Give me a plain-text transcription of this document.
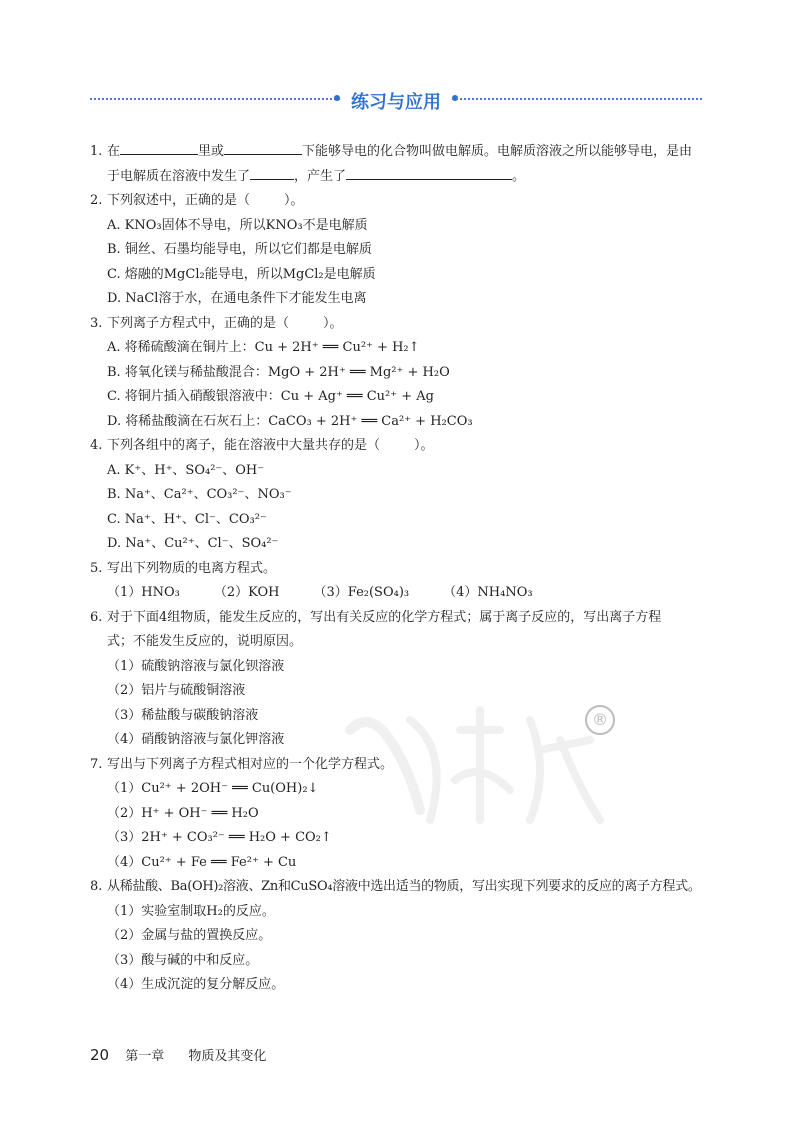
练习与应用
®
1. 在	里或	下能够导电的化合物叫做电解质。电解质溶液之所以能够导电，是由
于电解质在溶液中发生了	，产生了	。
2. 下列叙述中，正确的是（	）。
A. KNO₃固体不导电，所以KNO₃不是电解质
B. 铜丝、石墨均能导电，所以它们都是电解质
C. 熔融的MgCl₂能导电，所以MgCl₂是电解质
D. NaCl溶于水，在通电条件下才能发生电离
3. 下列离子方程式中，正确的是（	）。
A. 将稀硫酸滴在铜片上：Cu + 2H⁺ ══ Cu²⁺ + H₂↑
B. 将氧化镁与稀盐酸混合：MgO + 2H⁺ ══ Mg²⁺ + H₂O
C. 将铜片插入硝酸银溶液中：Cu + Ag⁺ ══ Cu²⁺ + Ag
D. 将稀盐酸滴在石灰石上：CaCO₃ + 2H⁺ ══ Ca²⁺ + H₂CO₃
4. 下列各组中的离子，能在溶液中大量共存的是（	）。
A. K⁺、H⁺、SO₄²⁻、OH⁻
B. Na⁺、Ca²⁺、CO₃²⁻、NO₃⁻
C. Na⁺、H⁺、Cl⁻、CO₃²⁻
D. Na⁺、Cu²⁺、Cl⁻、SO₄²⁻
5. 写出下列物质的电离方程式。
（1）HNO₃	（2）KOH	（3）Fe₂(SO₄)₃	（4）NH₄NO₃
6. 对于下面4组物质，能发生反应的，写出有关反应的化学方程式；属于离子反应的，写出离子方程
式；不能发生反应的，说明原因。
（1）硫酸钠溶液与氯化钡溶液
（2）铝片与硫酸铜溶液
（3）稀盐酸与碳酸钠溶液
（4）硝酸钠溶液与氯化钾溶液
7. 写出与下列离子方程式相对应的一个化学方程式。
（1）Cu²⁺ + 2OH⁻ ══ Cu(OH)₂↓
（2）H⁺ + OH⁻ ══ H₂O
（3）2H⁺ + CO₃²⁻ ══ H₂O + CO₂↑
（4）Cu²⁺ + Fe ══ Fe²⁺ + Cu
8. 从稀盐酸、Ba(OH)₂溶液、Zn和CuSO₄溶液中选出适当的物质，写出实现下列要求的反应的离子方程式。
（1）实验室制取H₂的反应。
（2）金属与盐的置换反应。
（3）酸与碱的中和反应。
（4）生成沉淀的复分解反应。
20 第一章 物质及其变化
